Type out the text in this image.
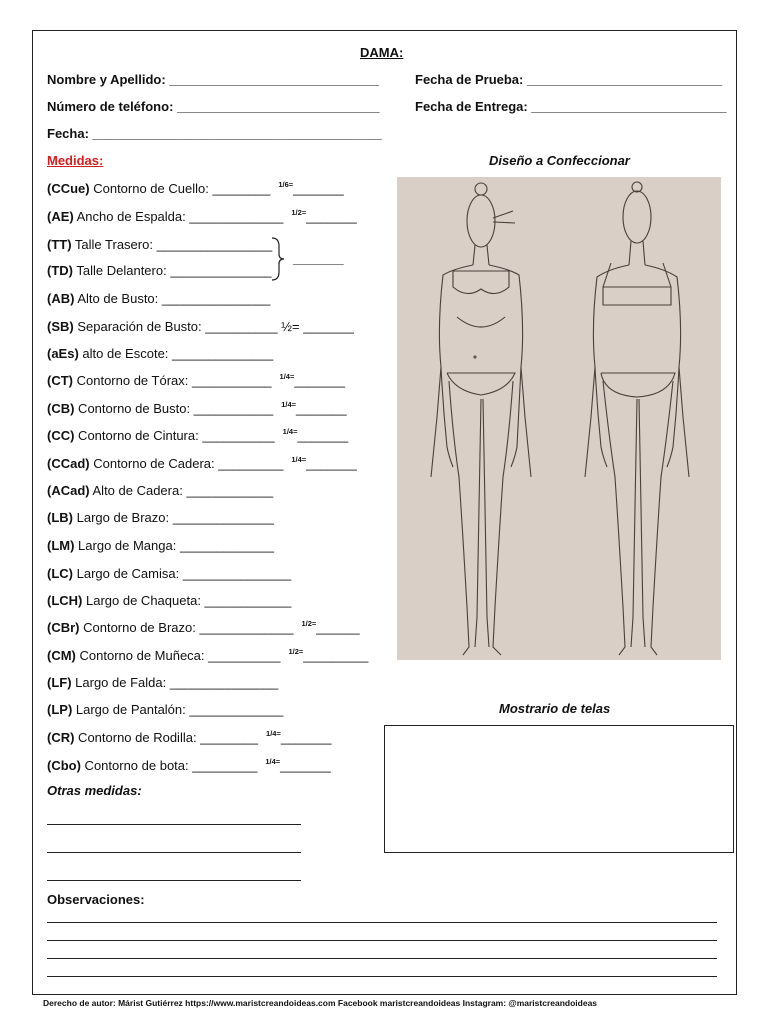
DAMA:
Nombre y Apellido: _____________________________	Fecha de Prueba: ___________________________
Número de teléfono: ____________________________	Fecha de Entrega: ___________________________
Fecha: ________________________________________
Medidas:	Diseño a Confeccionar
(CCue) Contorno de Cuello: ________ $^{1/6=}$_______
(AE) Ancho de Espalda: _____________ $^{1/2=}$_______
(TT) Talle Trasero: ________________
(TD) Talle Delantero: ______________
(AB) Alto de Busto: _______________
(SB) Separación de Busto: __________ ½= _______
(aEs) alto de Escote: ______________
(CT) Contorno de Tórax: ___________ $^{1/4=}$_______
(CB) Contorno de Busto: ___________ $^{1/4=}$_______
(CC) Contorno de Cintura: __________ $^{1/4=}$_______
(CCad) Contorno de Cadera: _________ $^{1/4=}$_______
(ACad) Alto de Cadera: ____________
(LB) Largo de Brazo: ______________
(LM) Largo de Manga: _____________
(LC) Largo de Camisa: _______________
(LCH) Largo de Chaqueta: ____________
(CBr) Contorno de Brazo: _____________ $^{1/2=}$______
(CM) Contorno de Muñeca: __________ $^{1/2=}$_________
(LF) Largo de Falda: _______________
(LP) Largo de Pantalón: _____________
(CR) Contorno de Rodilla: ________ $^{1/4=}$_______
(Cbo) Contorno de bota: _________ $^{1/4=}$_______
_______
Mostrario de telas
Otras medidas:
Observaciones:
Derecho de autor: Márist Gutiérrez https://www.maristcreandoideas.com Facebook maristcreandoideas Instagram: @maristcreandoideas
